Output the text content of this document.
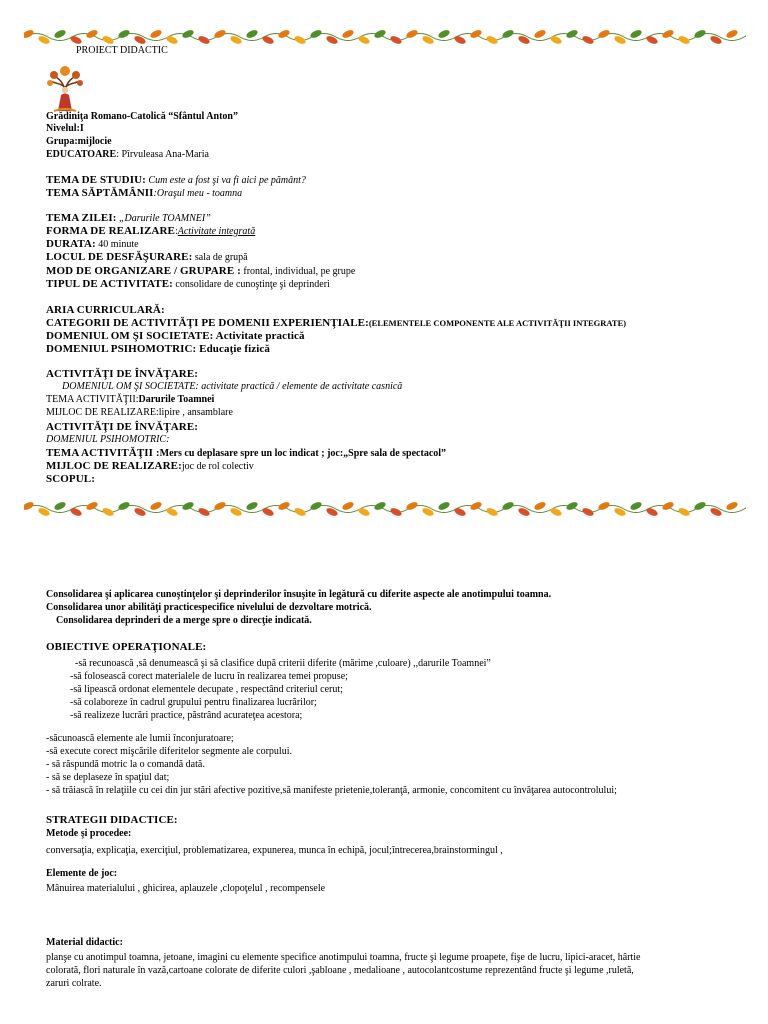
PROIECT DIDACTIC
Grădiniţa Romano-Catolică “Sfântul Anton”
Nivelul:I
Grupa:mijlocie
EDUCATOARE: Pîrvuleasa Ana-Maria
TEMA DE STUDIU: Cum este a fost şi va fi aici pe pământ?
TEMA SĂPTĂMÂNII:Oraşul meu - toamna
TEMA ZILEI: „Darurile TOAMNEI”
FORMA DE REALIZARE:Activitate integrată
DURATA: 40 minute
LOCUL DE DESFĂŞURARE: sala de grupă
MOD DE ORGANIZARE / GRUPARE : frontal, individual, pe grupe
TIPUL DE ACTIVITATE: consolidare de cunoştinţe şi deprinderi
ARIA CURRICULARĂ:
CATEGORII DE ACTIVITĂŢI PE DOMENII EXPERIENŢIALE:(ELEMENTELE COMPONENTE ALE ACTIVITĂŢII INTEGRATE)
DOMENIUL OM ŞI SOCIETATE: Activitate practică
DOMENIUL PSIHOMOTRIC: Educaţie fizică
ACTIVITĂŢI DE ÎNVĂŢARE:
DOMENIUL OM ŞI SOCIETATE: activitate practică / elemente de activitate casnică
TEMA ACTIVITĂŢII:Darurile Toamnei
MIJLOC DE REALIZARE:lipire , ansamblare
ACTIVITĂŢI DE ÎNVĂŢARE:
DOMENIUL PSIHOMOTRIC:
TEMA ACTIVITĂŢII :Mers cu deplasare spre un loc indicat ; joc:„Spre sala de spectacol”
MIJLOC DE REALIZARE:joc de rol colectiv
SCOPUL:
Consolidarea şi aplicarea cunoştinţelor şi deprinderilor însuşite în legătură cu diferite aspecte ale anotimpului toamna.
Consolidarea unor abilităţi practicespecifice nivelului de dezvoltare motrică.
Consolidarea deprinderi de a merge spre o direcţie indicată.
OBIECTIVE OPERAŢIONALE:
-să recunoască ,să denumească şi să clasifice după criterii diferite (mărime ,culoare) ,,darurile Toamnei”
-să folosească corect materialele de lucru în realizarea temei propuse;
-să lipească ordonat elementele decupate , respectând criteriul cerut;
-să colaboreze în cadrul grupului pentru finalizarea lucrărilor;
-să realizeze lucrări practice, păstrând acurateţea acestora;
-săcunoască elemente ale lumii înconjuratoare;
-să execute corect mişcările diferitelor segmente ale corpului.
- să răspundă motric la o comandă dată.
- să se deplaseze în spaţiul dat;
- să trăiască în relaţiile cu cei din jur stări afective pozitive,să manifeste prietenie,toleranţă, armonie, concomitent cu învăţarea autocontrolului;
STRATEGII DIDACTICE:
Metode şi procedee:
conversaţia, explicaţia, exerciţiul, problematizarea, expunerea, munca în echipă, jocul;întrecerea,brainstormingul ,
Elemente de joc:
Mânuirea materialului , ghicirea, aplauzele ,clopoţelul , recompensele
Material didactic:
planşe cu anotimpul toamna, jetoane, imagini cu elemente specifice anotimpului toamna, fructe şi legume proapete, fişe de lucru, lipici-aracet, hârtie
colorată, flori naturale în vază,cartoane colorate de diferite culori ,şabloane , medalioane , autocolantcostume reprezentând fructe şi legume ,ruletă,
zaruri colrate.
